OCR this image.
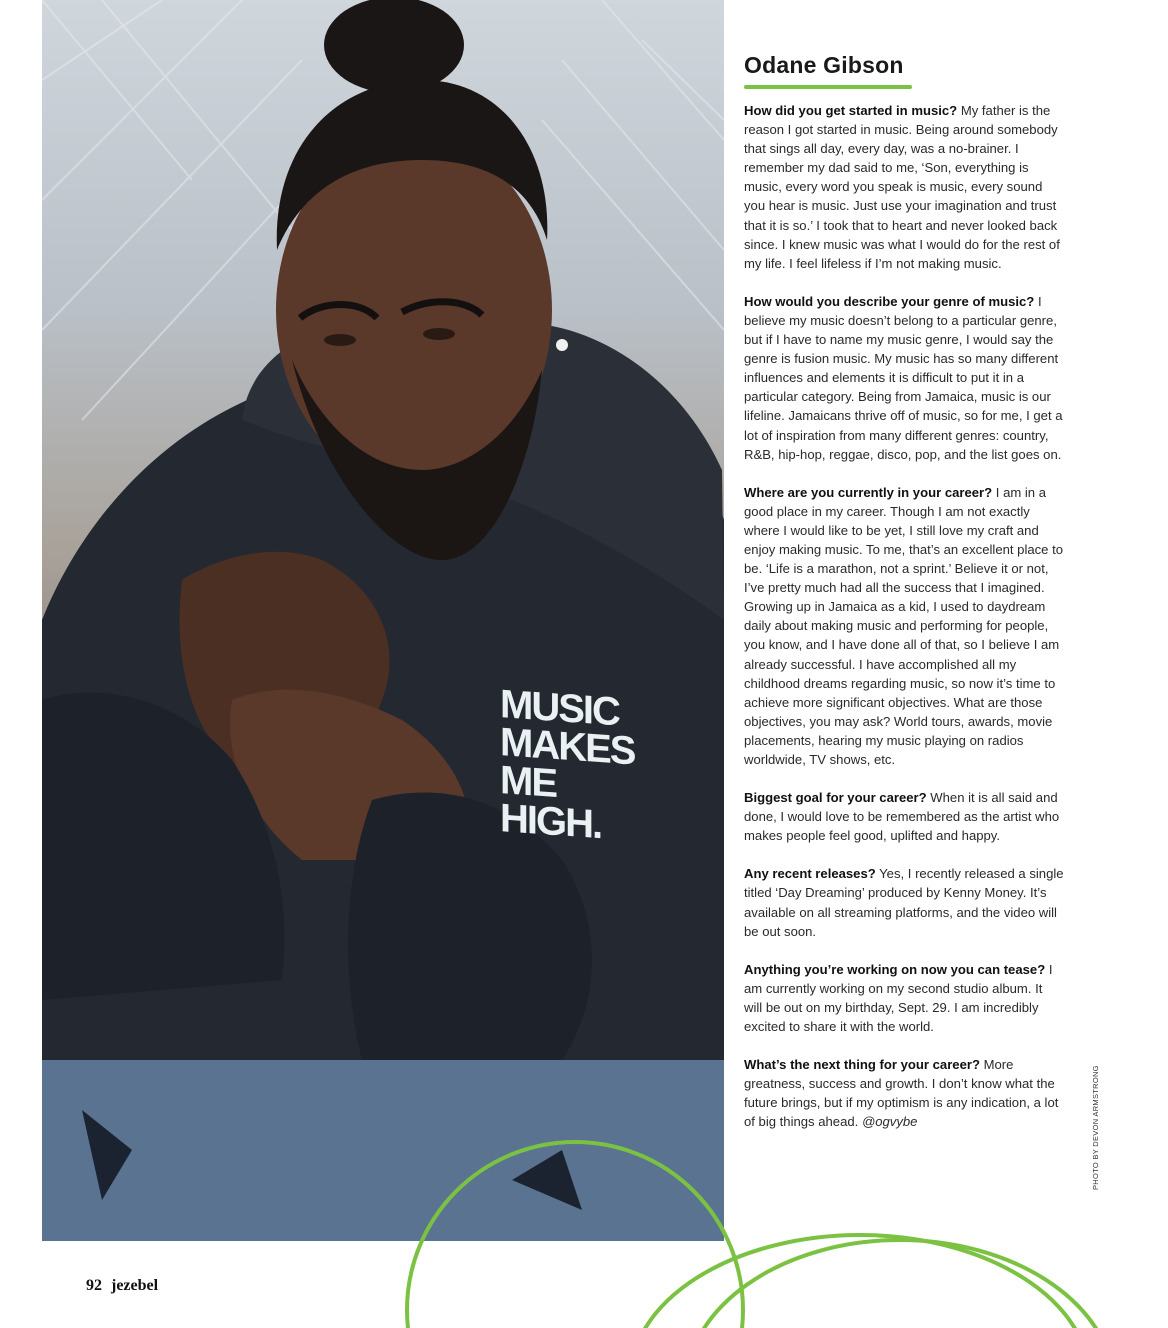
MUSIC
MAKES
ME
HIGH.
Odane Gibson

How did you get started in music? My father is the reason I got started in music. Being around somebody that sings all day, every day, was a no-brainer. I remember my dad said to me, ‘Son, everything is music, every word you speak is music, every sound you hear is music. Just use your imagination and trust that it is so.’ I took that to heart and never looked back since. I knew music was what I would do for the rest of my life. I feel lifeless if I’m not making music.

How would you describe your genre of music? I believe my music doesn’t belong to a particular genre, but if I have to name my music genre, I would say the genre is fusion music. My music has so many different influences and elements it is difficult to put it in a particular category. Being from Jamaica, music is our lifeline. Jamaicans thrive off of music, so for me, I get a lot of inspiration from many different genres: country, R&B, hip-hop, reggae, disco, pop, and the list goes on.

Where are you currently in your career? I am in a good place in my career. Though I am not exactly where I would like to be yet, I still love my craft and enjoy making music. To me, that’s an excellent place to be. ‘Life is a marathon, not a sprint.’ Believe it or not, I’ve pretty much had all the success that I imagined. Growing up in Jamaica as a kid, I used to daydream daily about making music and performing for people, you know, and I have done all of that, so I believe I am already successful. I have accomplished all my childhood dreams regarding music, so now it’s time to achieve more significant objectives. What are those objectives, you may ask? World tours, awards, movie placements, hearing my music playing on radios worldwide, TV shows, etc.

Biggest goal for your career? When it is all said and done, I would love to be remembered as the artist who makes people feel good, uplifted and happy.

Any recent releases? Yes, I recently released a single titled ‘Day Dreaming’ produced by Kenny Money. It’s available on all streaming platforms, and the video will be out soon.

Anything you’re working on now you can tease? I am currently working on my second studio album. It will be out on my birthday, Sept. 29. I am incredibly excited to share it with the world.

What’s the next thing for your career? More greatness, success and growth. I don’t know what the future brings, but if my optimism is any indication, a lot of big things ahead. @ogvybe	PHOTO BY DEVON ARMSTRONG
92 jezebel
